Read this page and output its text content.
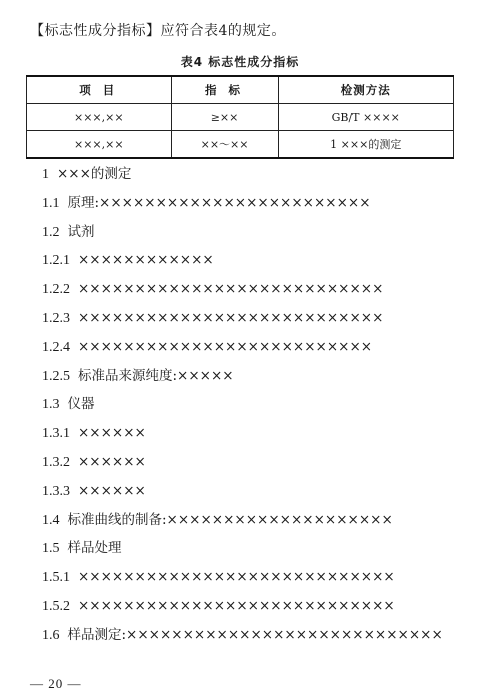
【标志性成分指标】应符合表4的规定。
表4 标志性成分指标
项 目	指 标	检测方法
×××,××	≥××	GB/T ××××
×××,××	××～××	1 ×××的测定
1 ×××的测定
1.1 原理:××××××××××××××××××××××××
1.2 试剂
1.2.1 ××××××××××××
1.2.2 ×××××××××××××××××××××××××××
1.2.3 ×××××××××××××××××××××××××××
1.2.4 ××××××××××××××××××××××××××
1.2.5 标准品来源纯度:×××××
1.3 仪器
1.3.1 ××××××
1.3.2 ××××××
1.3.3 ××××××
1.4 标准曲线的制备:××××××××××××××××××××
1.5 样品处理
1.5.1 ××××××××××××××××××××××××××××
1.5.2 ××××××××××××××××××××××××××××
1.6 样品测定:××××××××××××××××××××××××××××
— 20 —
